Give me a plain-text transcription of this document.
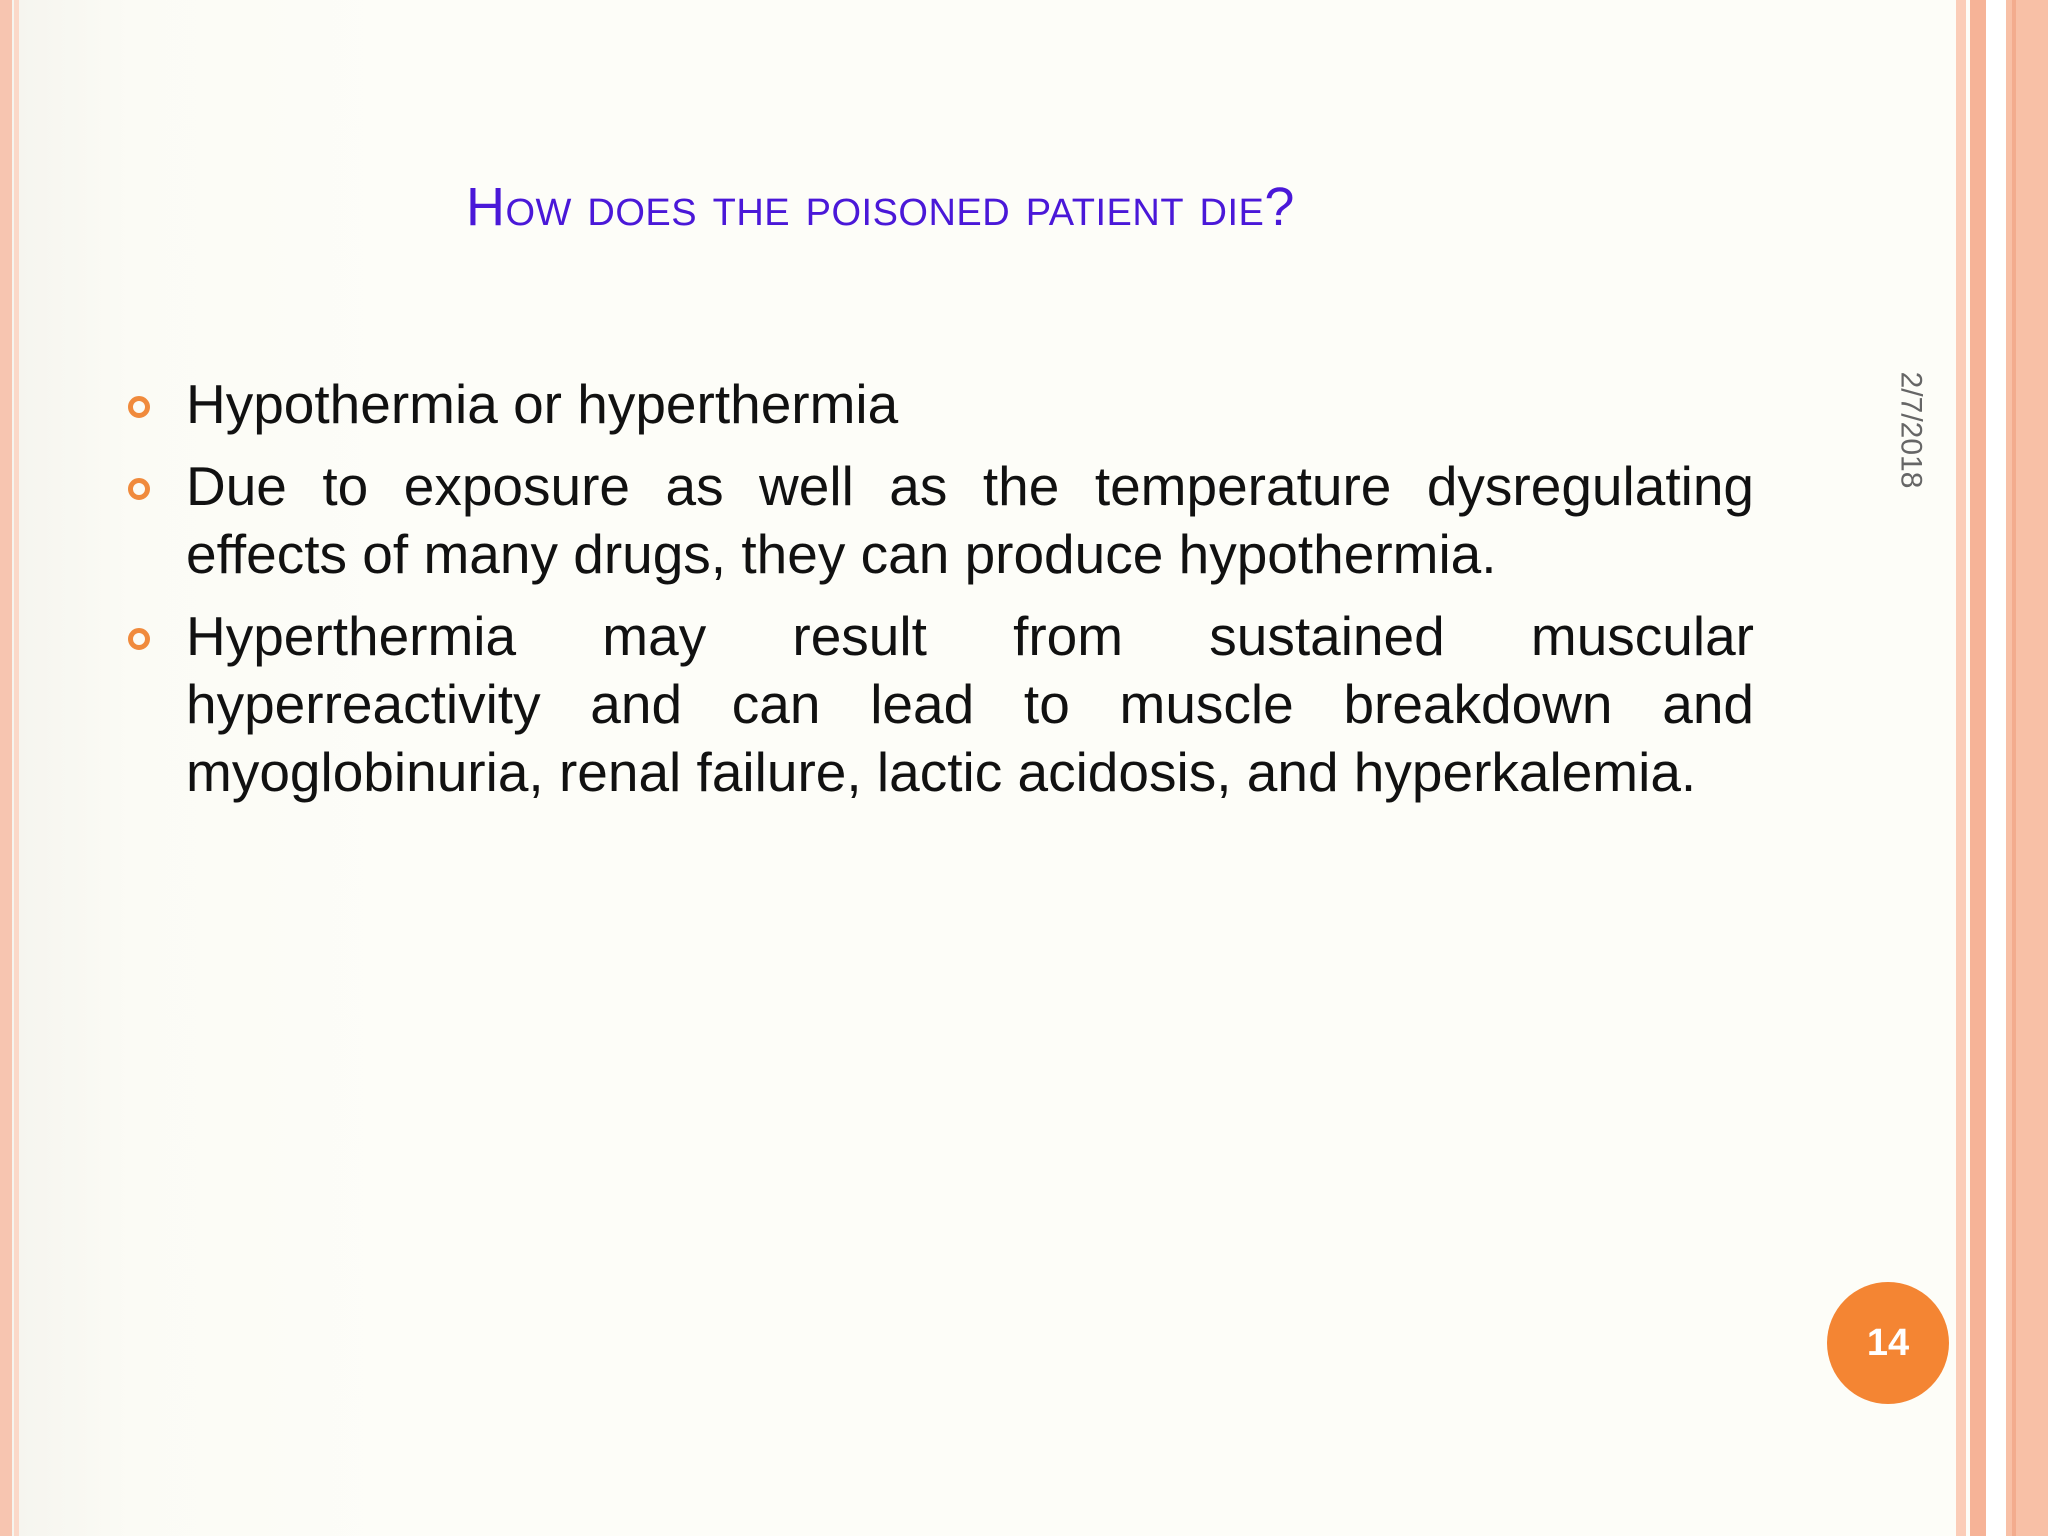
How does the poisoned patient die?
2/7/2018
Hypothermia or hyperthermia
Due to exposure as well as the temperature dysregulating effects of many drugs, they can produce hypothermia.
Hyperthermia may result from sustained muscular hyperreactivity and can lead to muscle breakdown and myoglobinuria, renal failure, lactic acidosis, and hyperkalemia.
14
